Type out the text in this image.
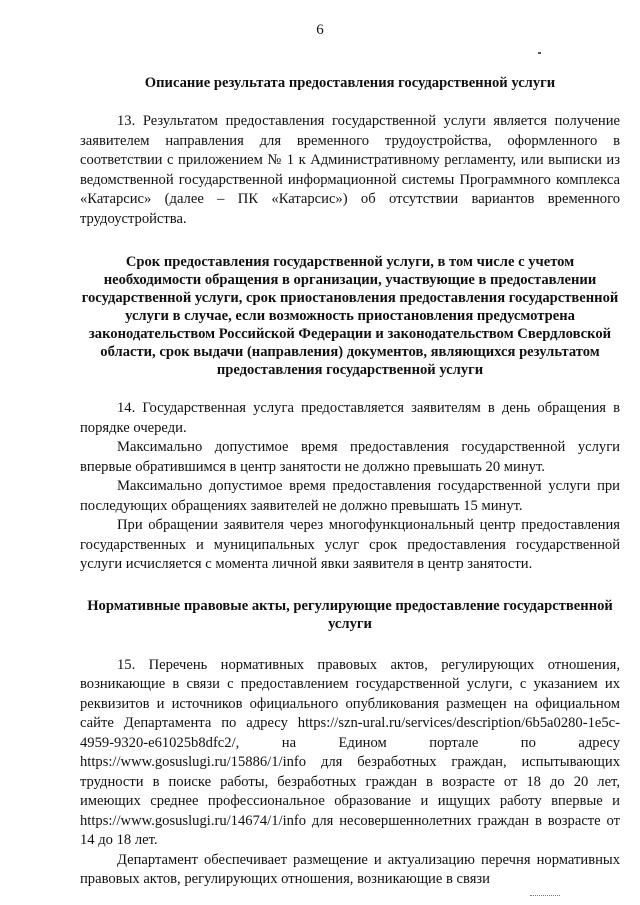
6

Описание результата предоставления государственной услуги

13. Результатом предоставления государственной услуги является получение заявителем направления для временного трудоустройства, оформленного в соответствии с приложением № 1 к Административному регламенту, или выписки из ведомственной государственной информационной системы Программного комплекса «Катарсис» (далее – ПК «Катарсис») об отсутствии вариантов временного трудоустройства.

Срок предоставления государственной услуги, в том числе с учетом необходимости обращения в организации, участвующие в предоставлении государственной услуги, срок приостановления предоставления государственной услуги в случае, если возможность приостановления предусмотрена законодательством Российской Федерации и законодательством Свердловской области, срок выдачи (направления) документов, являющихся результатом предоставления государственной услуги

14. Государственная услуга предоставляется заявителям в день обращения в порядке очереди.

Максимально допустимое время предоставления государственной услуги впервые обратившимся в центр занятости не должно превышать 20 минут.

Максимально допустимое время предоставления государственной услуги при последующих обращениях заявителей не должно превышать 15 минут.

При обращении заявителя через многофункциональный центр предоставления государственных и муниципальных услуг срок предоставления государственной услуги исчисляется с момента личной явки заявителя в центр занятости.

Нормативные правовые акты, регулирующие предоставление государственной услуги

15. Перечень нормативных правовых актов, регулирующих отношения, возникающие в связи с предоставлением государственной услуги, с указанием их реквизитов и источников официального опубликования размещен на официальном сайте Департамента по адресу https://szn-ural.ru/services/description/6b5a0280-1e5c-4959-9320-e61025b8dfc2/, на Едином портале по адресу https://www.gosuslugi.ru/15886/1/info для безработных граждан, испытывающих трудности в поиске работы, безработных граждан в возрасте от 18 до 20 лет, имеющих среднее профессиональное образование и ищущих работу впервые и https://www.gosuslugi.ru/14674/1/info для несовершеннолетних граждан в возрасте от 14 до 18 лет.

Департамент обеспечивает размещение и актуализацию перечня нормативных правовых актов, регулирующих отношения, возникающие в связи
